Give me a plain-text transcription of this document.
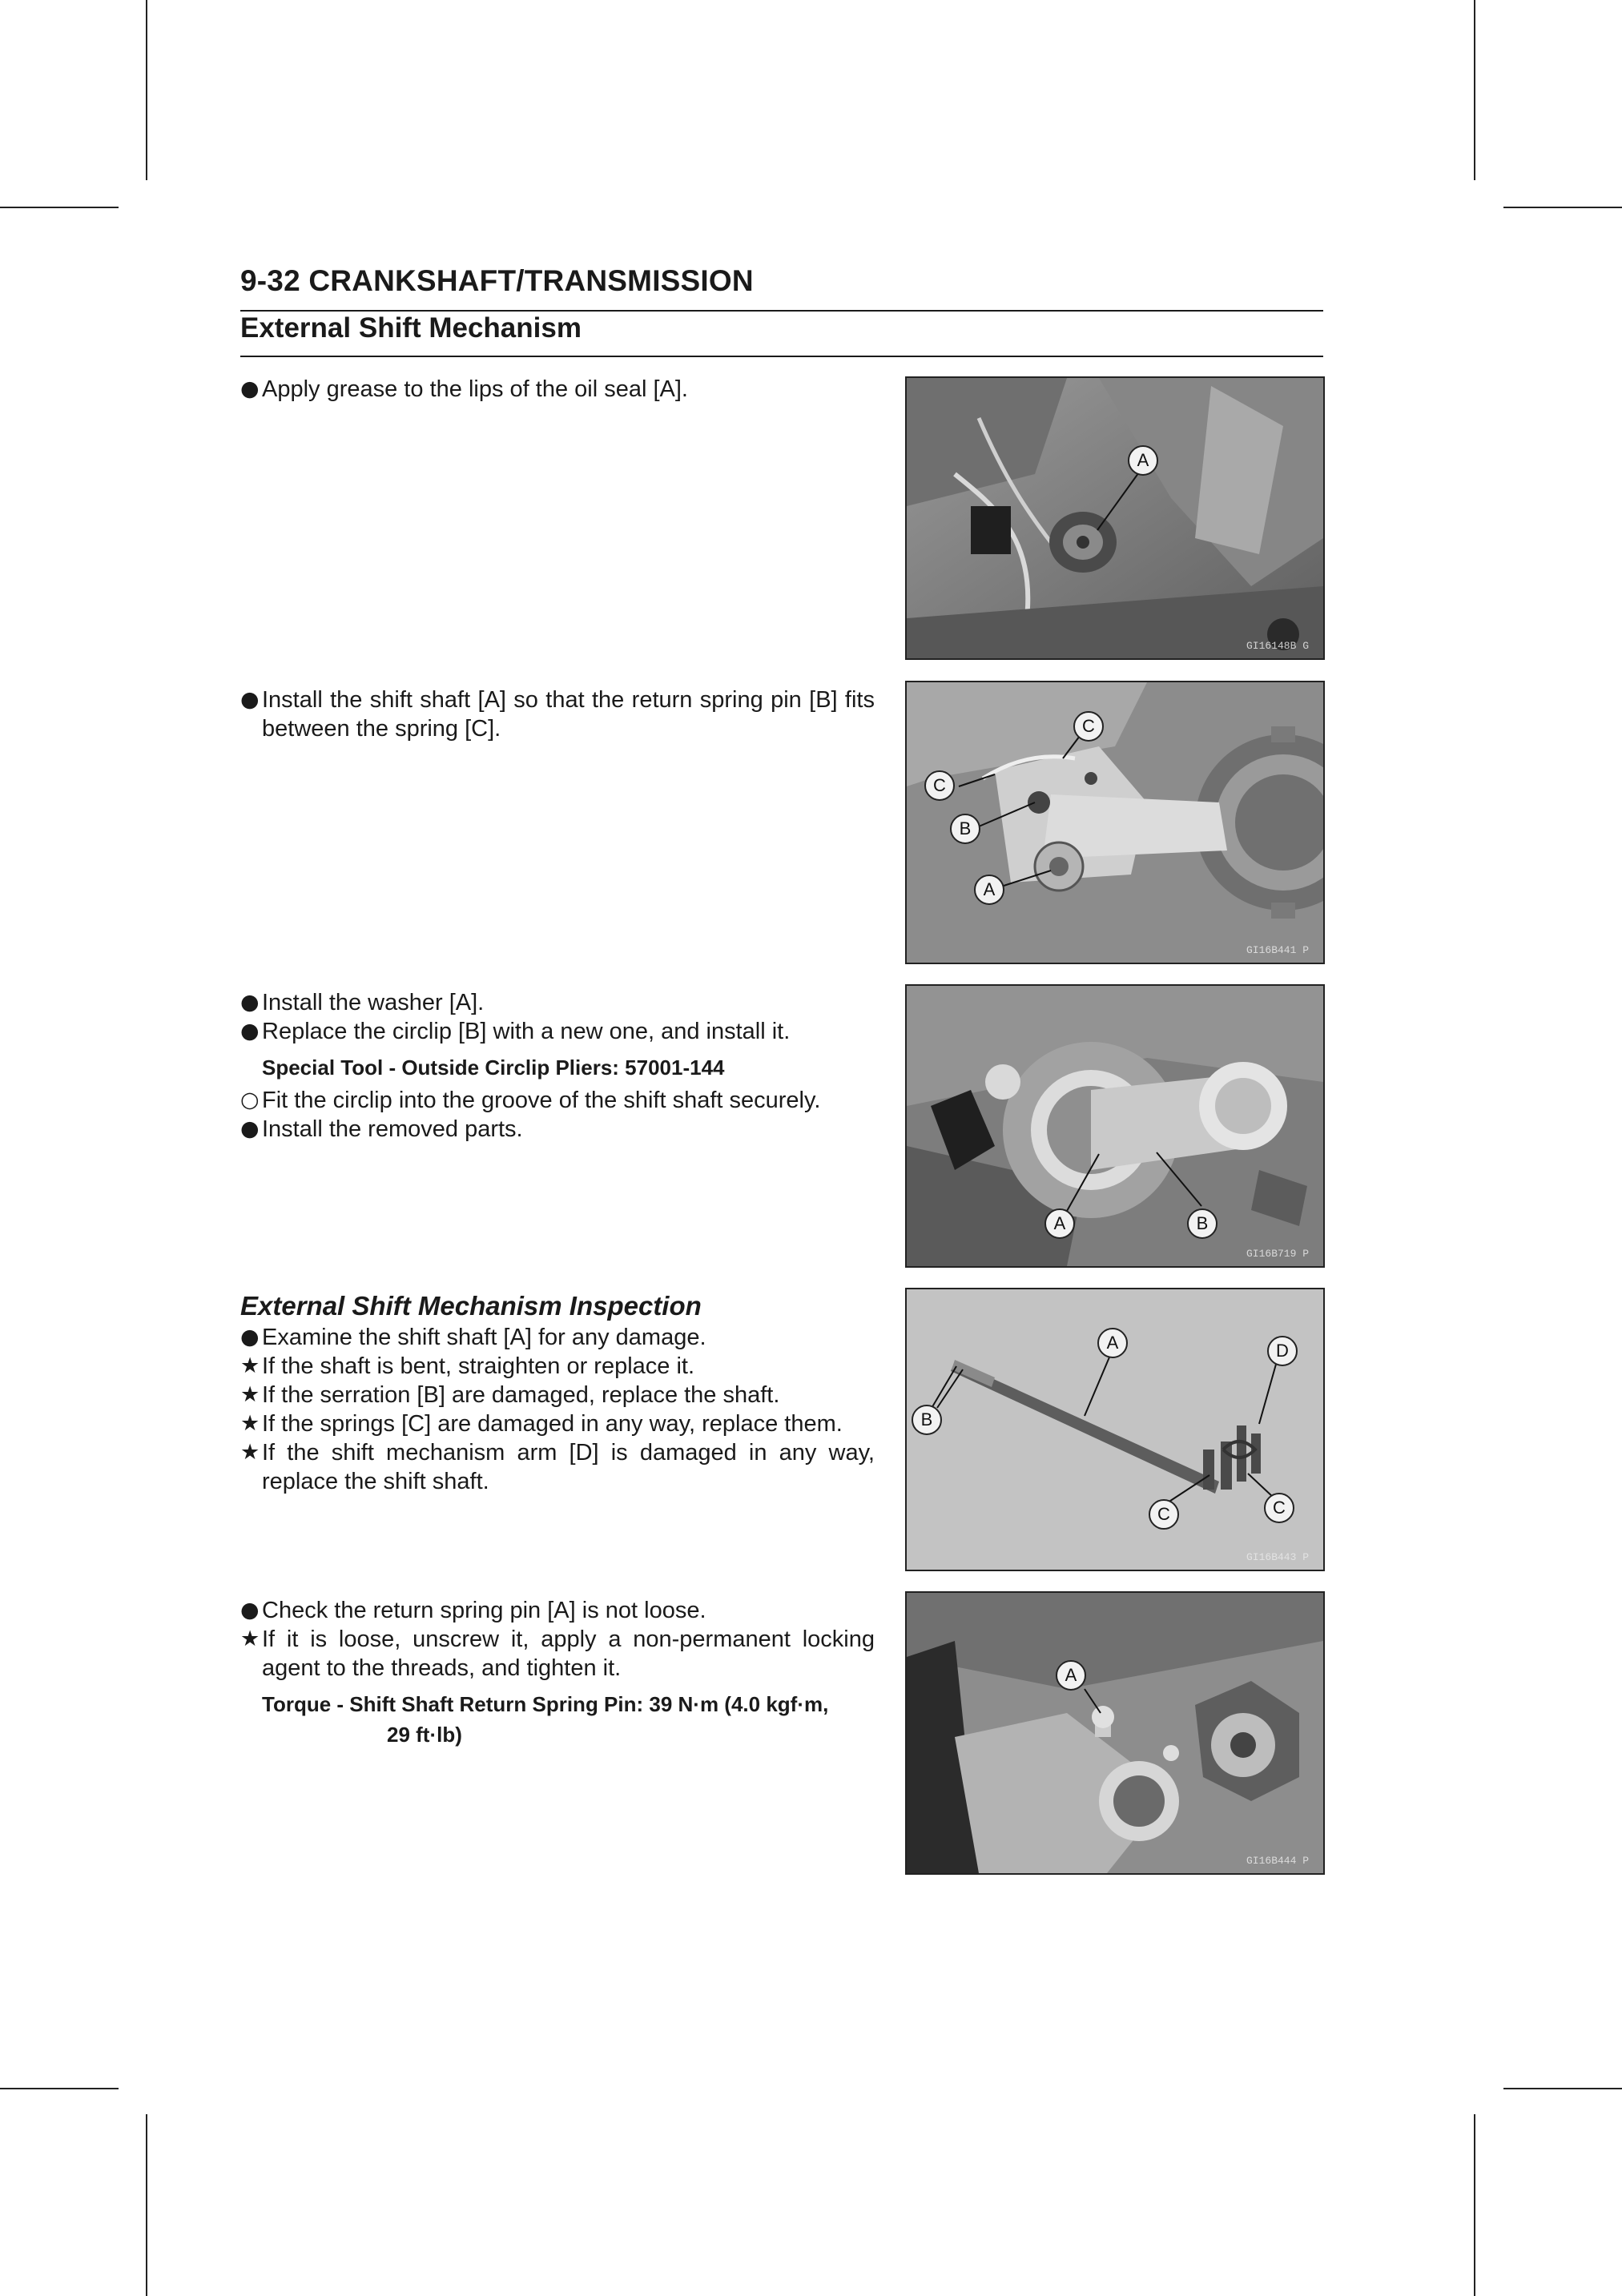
9-32 CRANKSHAFT/TRANSMISSION
External Shift Mechanism
● Apply grease to the lips of the oil seal [A].
A
GI16148B G
● Install the shift shaft [A] so that the return spring pin [B] fits between the spring [C].	C
C
B
A
GI16B441 P
● Install the washer [A].
● Replace the circlip [B] with a new one, and install it.
Special Tool - Outside Circlip Pliers: 57001-144
○ Fit the circlip into the groove of the shift shaft securely.
● Install the removed parts.
A	B
GI16B719 P
External Shift Mechanism Inspection
● Examine the shift shaft [A] for any damage.
★ If the shaft is bent, straighten or replace it.
★ If the serration [B] are damaged, replace the shaft.
★ If the springs [C] are damaged in any way, replace them.
★ If the shift mechanism arm [D] is damaged in any way, replace the shift shaft.
A	D
B
C	C
GI16B443 P
● Check the return spring pin [A] is not loose.
★ If it is loose, unscrew it, apply a non-permanent locking agent to the threads, and tighten it.
Torque - Shift Shaft Return Spring Pin: 39 N·m (4.0 kgf·m,
29 ft·lb)
A
GI16B444 P
